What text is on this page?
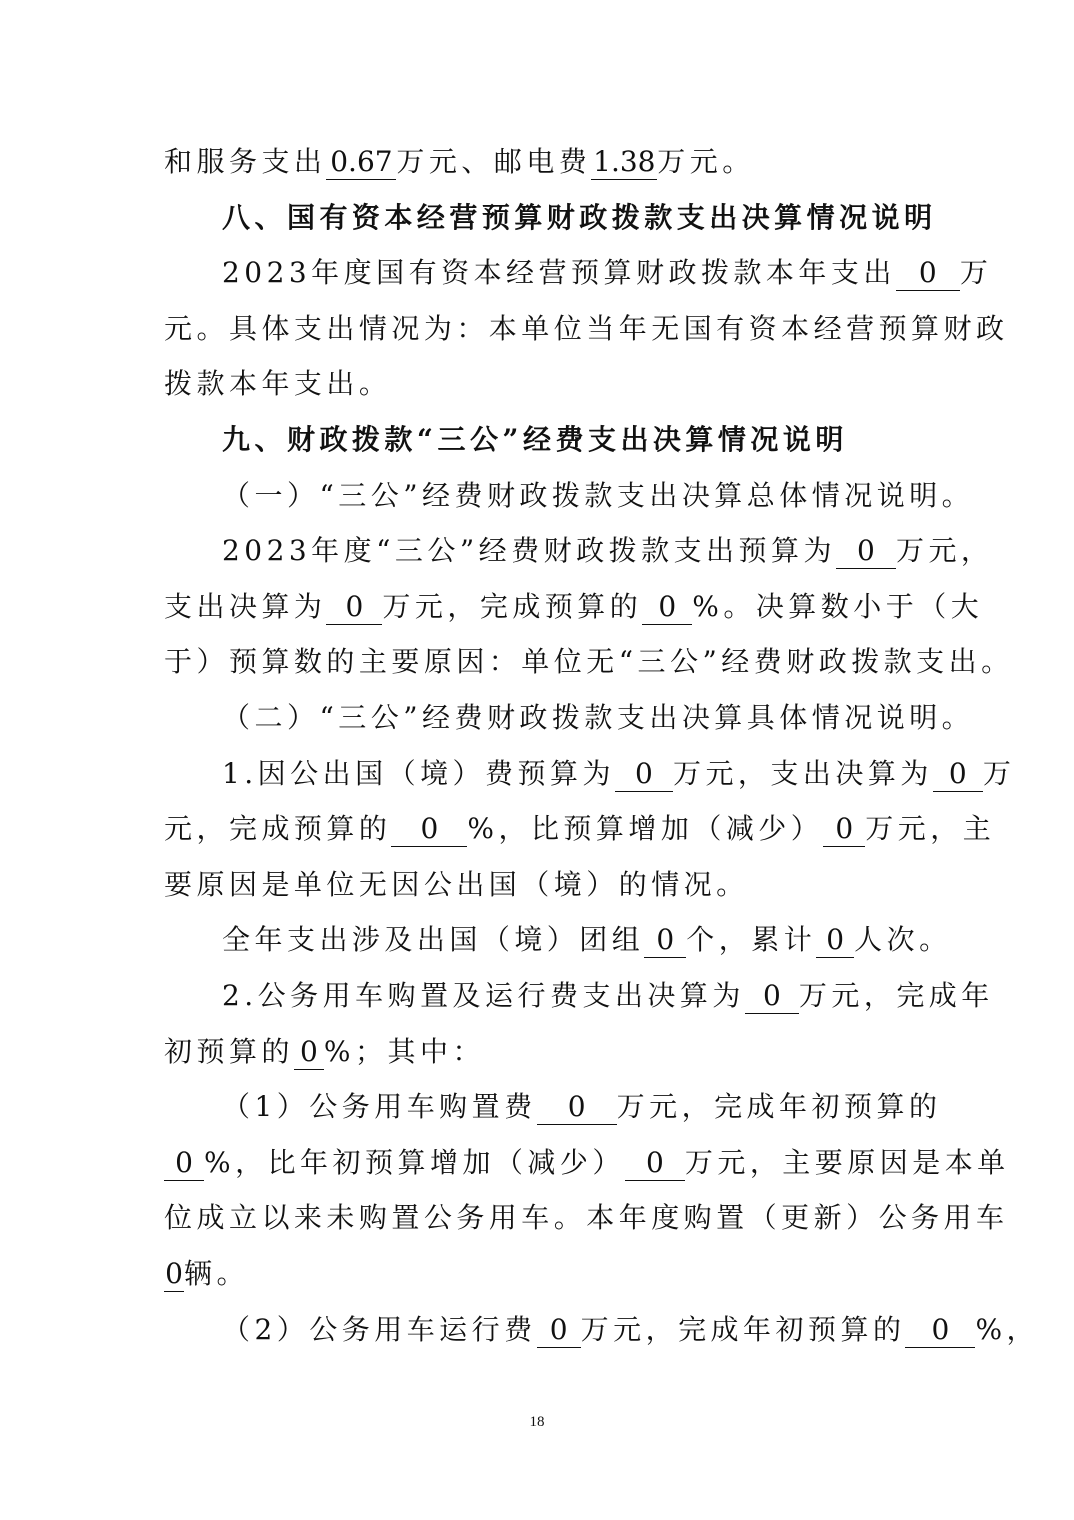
和服务支出 0.67 万元、邮电费1.38万元。
八、国有资本经营预算财政拨款支出决算情况说明
2023年度国有资本经营预算财政拨款本年支出 0 万
元。具体支出情况为：本单位当年无国有资本经营预算财政
拨款本年支出。
九、财政拨款“三公”经费支出决算情况说明
（一）“三公”经费财政拨款支出决算总体情况说明。
2023年度“三公”经费财政拨款支出预算为 0 万元，
支出决算为 0 万元，完成预算的 0 %。决算数小于（大
于）预算数的主要原因：单位无“三公”经费财政拨款支出。
（二）“三公”经费财政拨款支出决算具体情况说明。
1.因公出国（境）费预算为 0 万元，支出决算为 0 万
元，完成预算的 0 %，比预算增加（减少） 0 万元，主
要原因是单位无因公出国（境）的情况。
全年支出涉及出国（境）团组 0 个，累计 0 人次。
2.公务用车购置及运行费支出决算为 0 万元，完成年
初预算的 0 %；其中：
（1）公务用车购置费 0 万元，完成年初预算的
0 %，比年初预算增加（减少） 0 万元，主要原因是本单
位成立以来未购置公务用车。本年度购置（更新）公务用车
0辆。
（2）公务用车运行费 0 万元，完成年初预算的 0 %，
18
